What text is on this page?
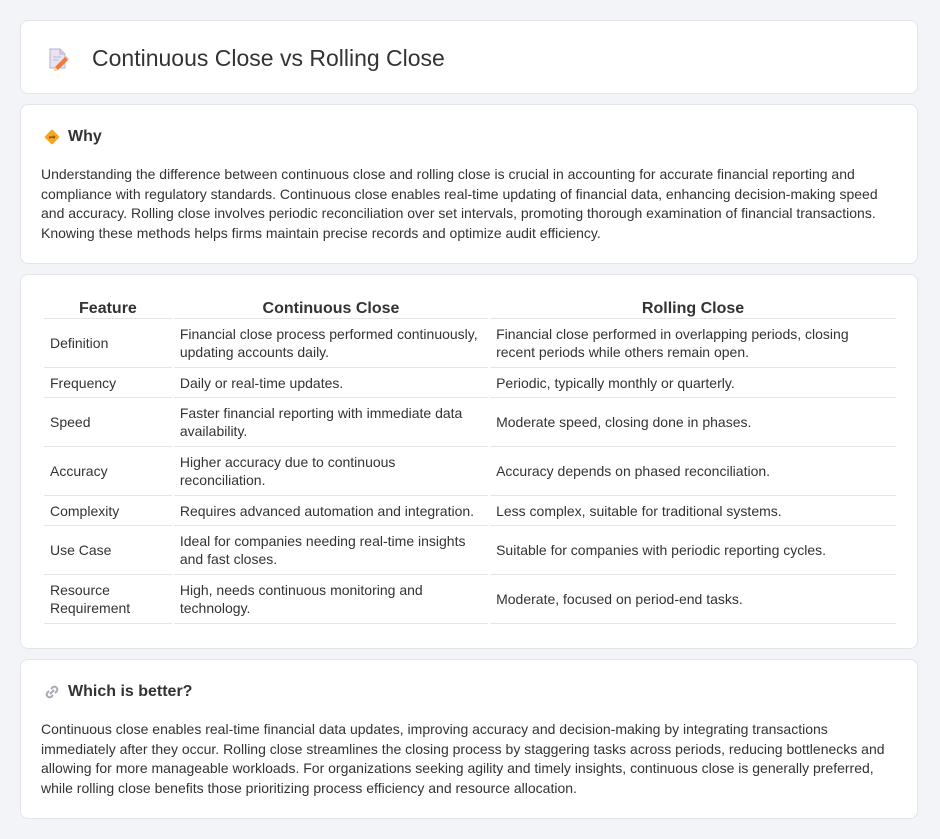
Continuous Close vs Rolling Close
Why

Understanding the difference between continuous close and rolling close is crucial in accounting for accurate financial reporting and compliance with regulatory standards. Continuous close enables real-time updating of financial data, enhancing decision-making speed and accuracy. Rolling close involves periodic reconciliation over set intervals, promoting thorough examination of financial transactions. Knowing these methods helps firms maintain precise records and optimize audit efficiency.

Feature	Continuous Close	Rolling Close
Definition	Financial close process performed continuously, updating accounts daily.	Financial close performed in overlapping periods, closing recent periods while others remain open.
Frequency	Daily or real-time updates.	Periodic, typically monthly or quarterly.
Speed	Faster financial reporting with immediate data availability.	Moderate speed, closing done in phases.
Accuracy	Higher accuracy due to continuous reconciliation.	Accuracy depends on phased reconciliation.
Complexity	Requires advanced automation and integration.	Less complex, suitable for traditional systems.
Use Case	Ideal for companies needing real-time insights and fast closes.	Suitable for companies with periodic reporting cycles.
Resource Requirement	High, needs continuous monitoring and technology.	Moderate, focused on period-end tasks.
Which is better?

Continuous close enables real-time financial data updates, improving accuracy and decision-making by integrating transactions immediately after they occur. Rolling close streamlines the closing process by staggering tasks across periods, reducing bottlenecks and allowing for more manageable workloads. For organizations seeking agility and timely insights, continuous close is generally preferred, while rolling close benefits those prioritizing process efficiency and resource allocation.
